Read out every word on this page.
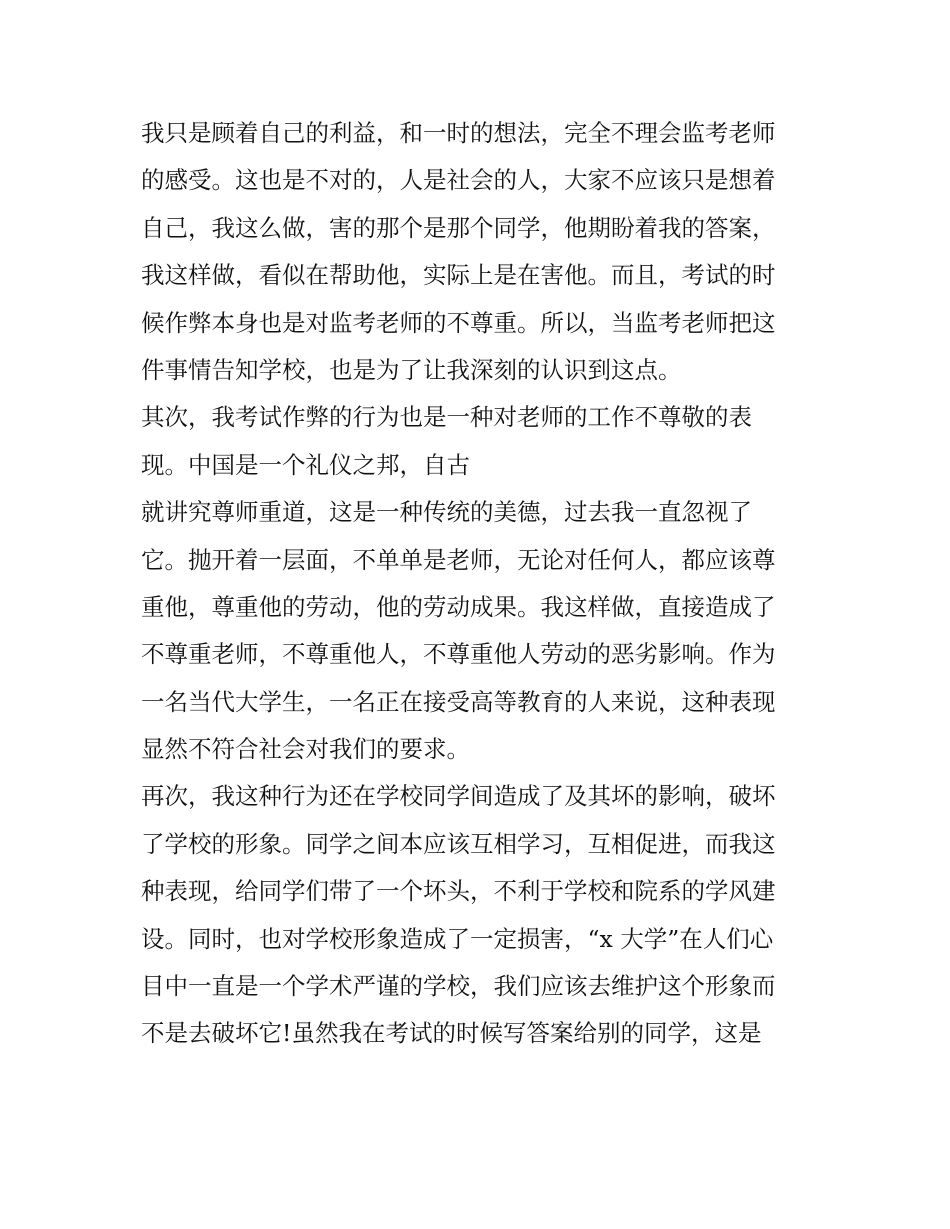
我只是顾着自己的利益，和一时的想法，完全不理会监考老师

的感受。这也是不对的，人是社会的人，大家不应该只是想着

自己，我这么做，害的那个是那个同学，他期盼着我的答案，

我这样做，看似在帮助他，实际上是在害他。而且，考试的时

候作弊本身也是对监考老师的不尊重。所以，当监考老师把这

件事情告知学校，也是为了让我深刻的认识到这点。

其次，我考试作弊的行为也是一种对老师的工作不尊敬的表

现。中国是一个礼仪之邦，自古

就讲究尊师重道，这是一种传统的美德，过去我一直忽视了

它。抛开着一层面，不单单是老师，无论对任何人，都应该尊

重他，尊重他的劳动，他的劳动成果。我这样做，直接造成了

不尊重老师，不尊重他人，不尊重他人劳动的恶劣影响。作为

一名当代大学生，一名正在接受高等教育的人来说，这种表现

显然不符合社会对我们的要求。

再次，我这种行为还在学校同学间造成了及其坏的影响，破坏

了学校的形象。同学之间本应该互相学习，互相促进，而我这

种表现，给同学们带了一个坏头，不利于学校和院系的学风建

设。同时，也对学校形象造成了一定损害，“x 大学”在人们心

目中一直是一个学术严谨的学校，我们应该去维护这个形象而

不是去破坏它!虽然我在考试的时候写答案给别的同学，这是
